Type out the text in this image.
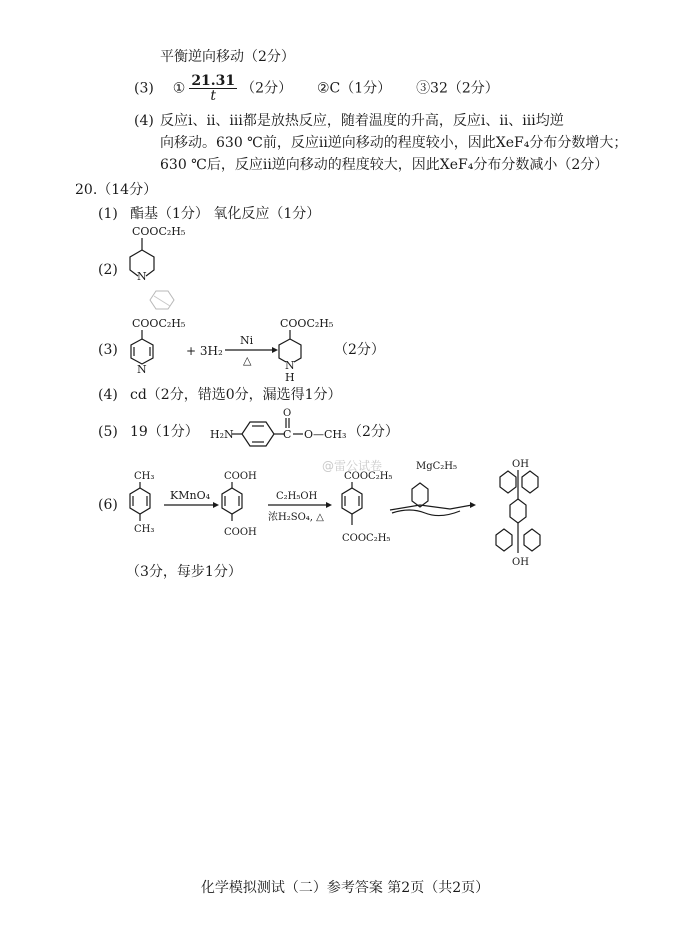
平衡逆向移动（2分）
(3) ① $\frac{21.31}{t} (2$分） ②C（1分） ③32（2分）
(4) 反应ⅰ、ⅱ、ⅲ都是放热反应，随着温度的升高，反应ⅰ、ⅱ、ⅲ均逆
向移动。630 ℃前，反应ⅱ逆向移动的程度较小，因此XeF₄分布分数增大；
630 ℃后，反应ⅱ逆向移动的程度较大，因此XeF₄分布分数减小（2分）
20.（14分）
(1) 酯基（1分） 氧化反应（1分）
(2)
COOC₂H₅
N
(3)
COOC₂H₅
N
+ 3H₂
Ni
△
COOC₂H₅
N
H
（2分）
(4) cd（2分，错选0分，漏选得1分）
(5) 19（1分） H₂N	C
O
O—CH₃ （2分）
@雷公试卷
(6)
CH₃
CH₃
KMnO₄
COOH
COOH
C₂H₅OH
浓H₂SO₄, △
COOC₂H₅
COOC₂H₅
MgC₂H₅	OH
OH
（3分，每步1分）
化学模拟测试（二）参考答案 第2页（共2页）
